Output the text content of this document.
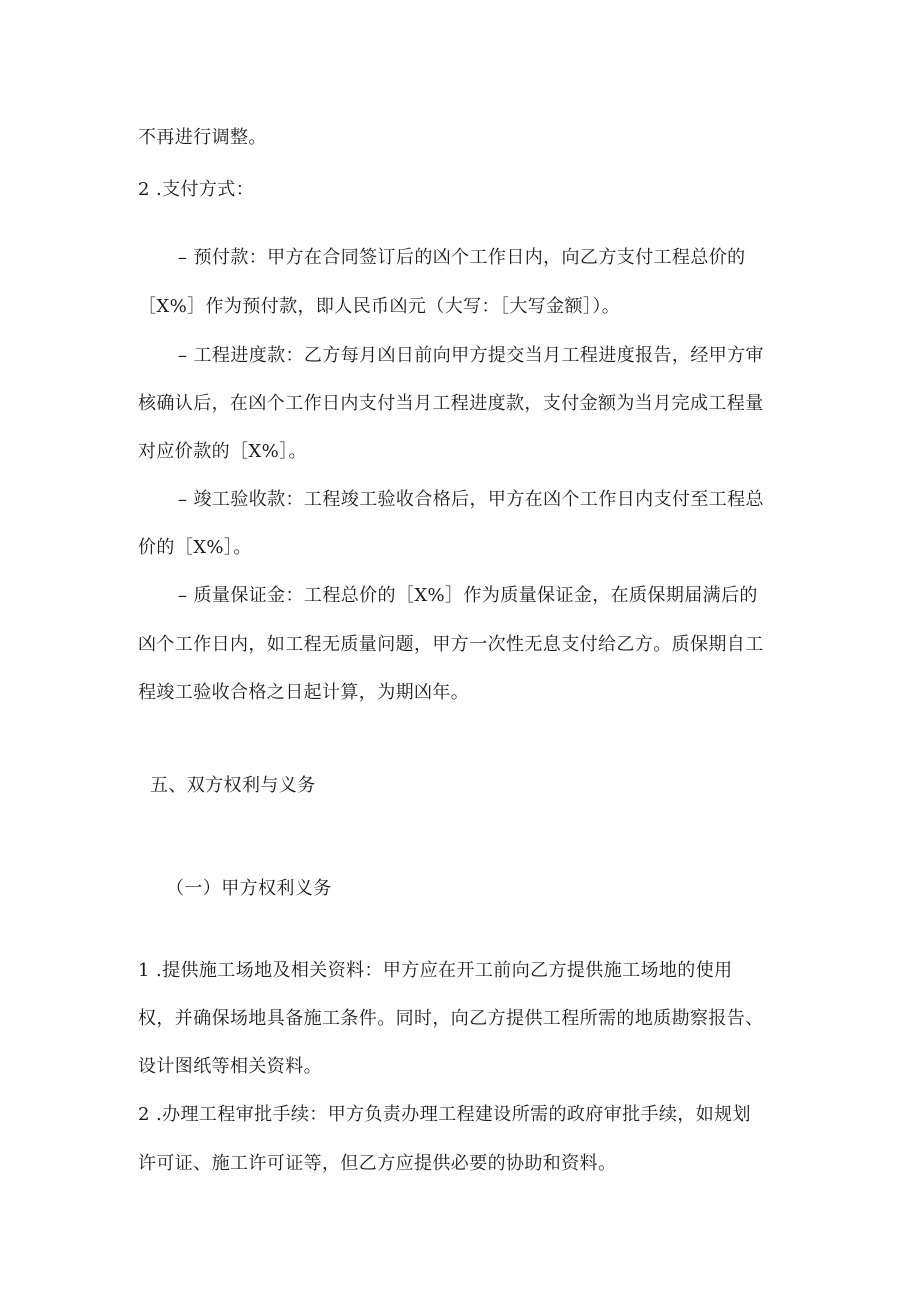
不再进行调整。
2 .支付方式：
– 预付款：甲方在合同签订后的凶个工作日内，向乙方支付工程总价的
［X%］作为预付款，即人民币凶元（大写：［大写金额］）。
– 工程进度款：乙方每月凶日前向甲方提交当月工程进度报告，经甲方审
核确认后，在凶个工作日内支付当月工程进度款，支付金额为当月完成工程量
对应价款的［X%］。
– 竣工验收款：工程竣工验收合格后，甲方在凶个工作日内支付至工程总
价的［X%］。
– 质量保证金：工程总价的［X%］作为质量保证金，在质保期届满后的
凶个工作日内，如工程无质量问题，甲方一次性无息支付给乙方。质保期自工
程竣工验收合格之日起计算，为期凶年。
五、双方权利与义务
（一）甲方权利义务
1 .提供施工场地及相关资料：甲方应在开工前向乙方提供施工场地的使用
权，并确保场地具备施工条件。同时，向乙方提供工程所需的地质勘察报告、
设计图纸等相关资料。
2 .办理工程审批手续：甲方负责办理工程建设所需的政府审批手续，如规划
许可证、施工许可证等，但乙方应提供必要的协助和资料。
